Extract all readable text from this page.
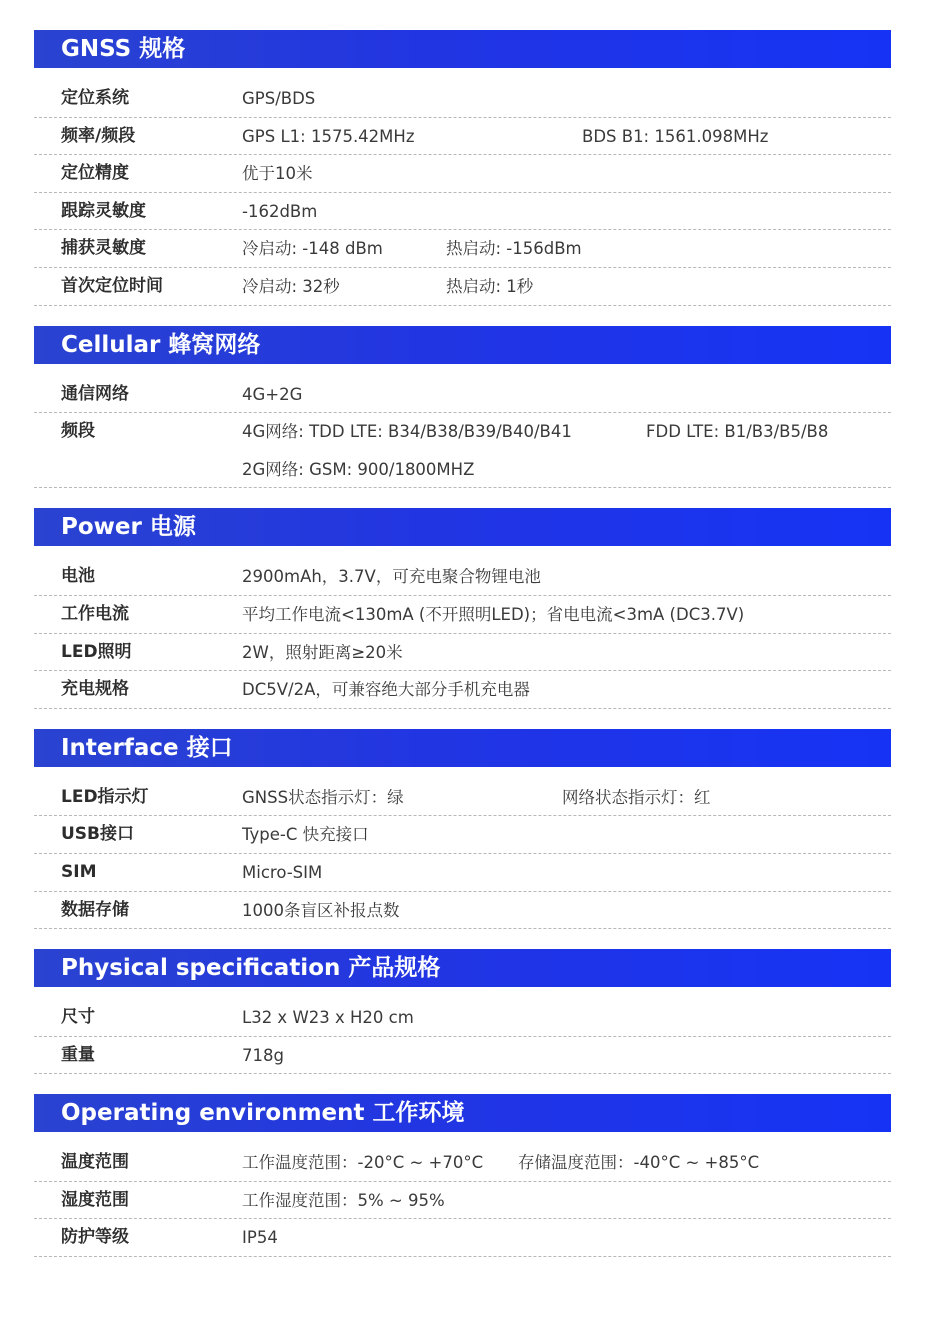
GNSS 规格
定位系统	GPS/BDS
频率/频段	GPS L1: 1575.42MHz	BDS B1: 1561.098MHz
定位精度	优于10米
跟踪灵敏度	-162dBm
捕获灵敏度	冷启动: -148 dBm	热启动: -156dBm
首次定位时间	冷启动: 32秒	热启动: 1秒
Cellular 蜂窝网络
通信网络	4G+2G
频段	4G网络: TDD LTE: B34/B38/B39/B40/B41	FDD LTE: B1/B3/B5/B8
2G网络: GSM: 900/1800MHZ
Power 电源
电池	2900mAh，3.7V，可充电聚合物锂电池
工作电流	平均工作电流<130mA (不开照明LED)；省电电流<3mA (DC3.7V)
LED照明	2W，照射距离≥20米
充电规格	DC5V/2A，可兼容绝大部分手机充电器
Interface 接口
LED指示灯	GNSS状态指示灯：绿	网络状态指示灯：红
USB接口	Type-C 快充接口
SIM	Micro-SIM
数据存储	1000条盲区补报点数
Physical specification 产品规格
尺寸	L32 x W23 x H20 cm
重量	718g
Operating environment 工作环境
温度范围	工作温度范围：-20°C ~ +70°C 存储温度范围：-40°C ~ +85°C
湿度范围	工作湿度范围：5% ~ 95%
防护等级	IP54
